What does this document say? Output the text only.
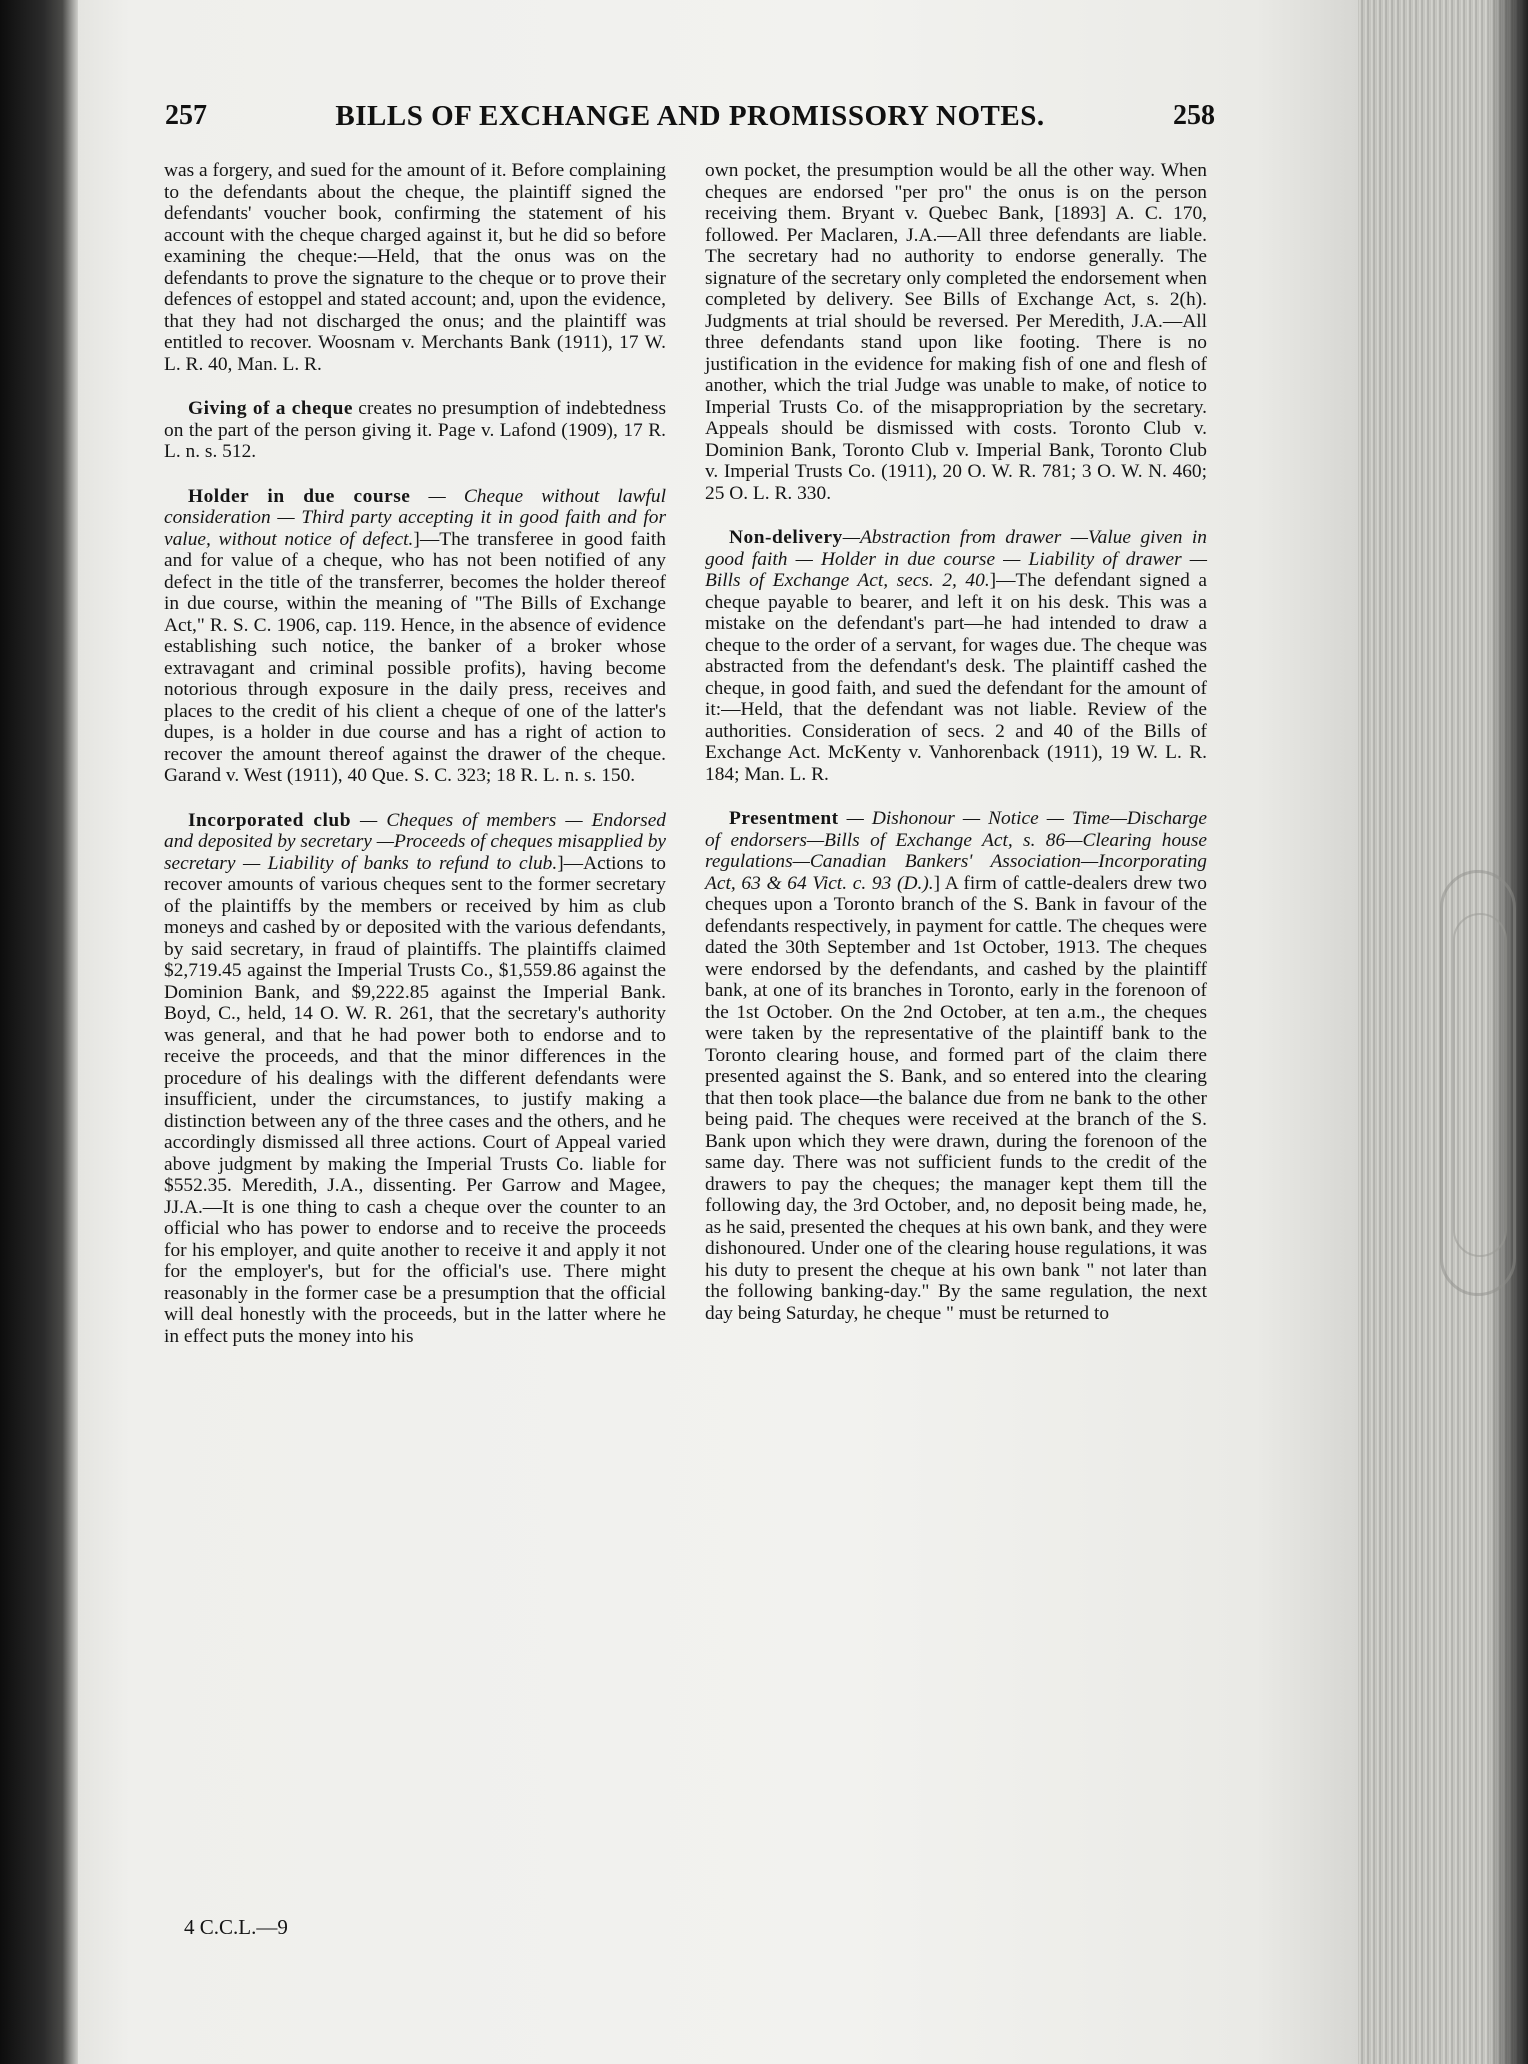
257	BILLS OF EXCHANGE AND PROMISSORY NOTES.	258

was a forgery, and sued for the amount of it. Before complaining to the defendants about the cheque, the plaintiff signed the defendants' voucher book, confirming the statement of his account with the cheque charged against it, but he did so before examining the cheque:—Held, that the onus was on the defendants to prove the signature to the cheque or to prove their defences of estoppel and stated account; and, upon the evidence, that they had not discharged the onus; and the plaintiff was entitled to recover. Woosnam v. Merchants Bank (1911), 17 W. L. R. 40, Man. L. R.

Giving of a cheque creates no presumption of indebtedness on the part of the person giving it. Page v. Lafond (1909), 17 R. L. n. s. 512.

Holder in due course — Cheque without lawful consideration — Third party accepting it in good faith and for value, without notice of defect.]—The transferee in good faith and for value of a cheque, who has not been notified of any defect in the title of the transferrer, becomes the holder thereof in due course, within the meaning of "The Bills of Exchange Act," R. S. C. 1906, cap. 119. Hence, in the absence of evidence establishing such notice, the banker of a broker whose extravagant and criminal possible profits), having become notorious through exposure in the daily press, receives and places to the credit of his client a cheque of one of the latter's dupes, is a holder in due course and has a right of action to recover the amount thereof against the drawer of the cheque. Garand v. West (1911), 40 Que. S. C. 323; 18 R. L. n. s. 150.

Incorporated club — Cheques of members — Endorsed and deposited by secretary —Proceeds of cheques misapplied by secretary — Liability of banks to refund to club.]—Actions to recover amounts of various cheques sent to the former secretary of the plaintiffs by the members or received by him as club moneys and cashed by or deposited with the various defendants, by said secretary, in fraud of plaintiffs. The plaintiffs claimed $2,719.45 against the Imperial Trusts Co., $1,559.86 against the Dominion Bank, and $9,222.85 against the Imperial Bank. Boyd, C., held, 14 O. W. R. 261, that the secretary's authority was general, and that he had power both to endorse and to receive the proceeds, and that the minor differences in the procedure of his dealings with the different defendants were insufficient, under the circumstances, to justify making a distinction between any of the three cases and the others, and he accordingly dismissed all three actions. Court of Appeal varied above judgment by making the Imperial Trusts Co. liable for $552.35. Meredith, J.A., dissenting. Per Garrow and Magee, JJ.A.—It is one thing to cash a cheque over the counter to an official who has power to endorse and to receive the proceeds for his employer, and quite another to receive it and apply it not for the employer's, but for the official's use. There might reasonably in the former case be a presumption that the official will deal honestly with the proceeds, but in the latter where he in effect puts the money into his

own pocket, the presumption would be all the other way. When cheques are endorsed "per pro" the onus is on the person receiving them. Bryant v. Quebec Bank, [1893] A. C. 170, followed. Per Maclaren, J.A.—All three defendants are liable. The secretary had no authority to endorse generally. The signature of the secretary only completed the endorsement when completed by delivery. See Bills of Exchange Act, s. 2(h). Judgments at trial should be reversed. Per Meredith, J.A.—All three defendants stand upon like footing. There is no justification in the evidence for making fish of one and flesh of another, which the trial Judge was unable to make, of notice to Imperial Trusts Co. of the misappropriation by the secretary. Appeals should be dismissed with costs. Toronto Club v. Dominion Bank, Toronto Club v. Imperial Bank, Toronto Club v. Imperial Trusts Co. (1911), 20 O. W. R. 781; 3 O. W. N. 460; 25 O. L. R. 330.

Non-delivery—Abstraction from drawer —Value given in good faith — Holder in due course — Liability of drawer — Bills of Exchange Act, secs. 2, 40.]—The defendant signed a cheque payable to bearer, and left it on his desk. This was a mistake on the defendant's part—he had intended to draw a cheque to the order of a servant, for wages due. The cheque was abstracted from the defendant's desk. The plaintiff cashed the cheque, in good faith, and sued the defendant for the amount of it:—Held, that the defendant was not liable. Review of the authorities. Consideration of secs. 2 and 40 of the Bills of Exchange Act. McKenty v. Vanhorenback (1911), 19 W. L. R. 184; Man. L. R.

Presentment — Dishonour — Notice — Time—Discharge of endorsers—Bills of Exchange Act, s. 86—Clearing house regulations—Canadian Bankers' Association—Incorporating Act, 63 & 64 Vict. c. 93 (D.).] A firm of cattle-dealers drew two cheques upon a Toronto branch of the S. Bank in favour of the defendants respectively, in payment for cattle. The cheques were dated the 30th September and 1st October, 1913. The cheques were endorsed by the defendants, and cashed by the plaintiff bank, at one of its branches in Toronto, early in the forenoon of the 1st October. On the 2nd October, at ten a.m., the cheques were taken by the representative of the plaintiff bank to the Toronto clearing house, and formed part of the claim there presented against the S. Bank, and so entered into the clearing that then took place—the balance due from ne bank to the other being paid. The cheques were received at the branch of the S. Bank upon which they were drawn, during the forenoon of the same day. There was not sufficient funds to the credit of the drawers to pay the cheques; the manager kept them till the following day, the 3rd October, and, no deposit being made, he, as he said, presented the cheques at his own bank, and they were dishonoured. Under one of the clearing house regulations, it was his duty to present the cheque at his own bank " not later than the following banking-day." By the same regulation, the next day being Saturday, he cheque " must be returned to

4 C.C.L.—9
